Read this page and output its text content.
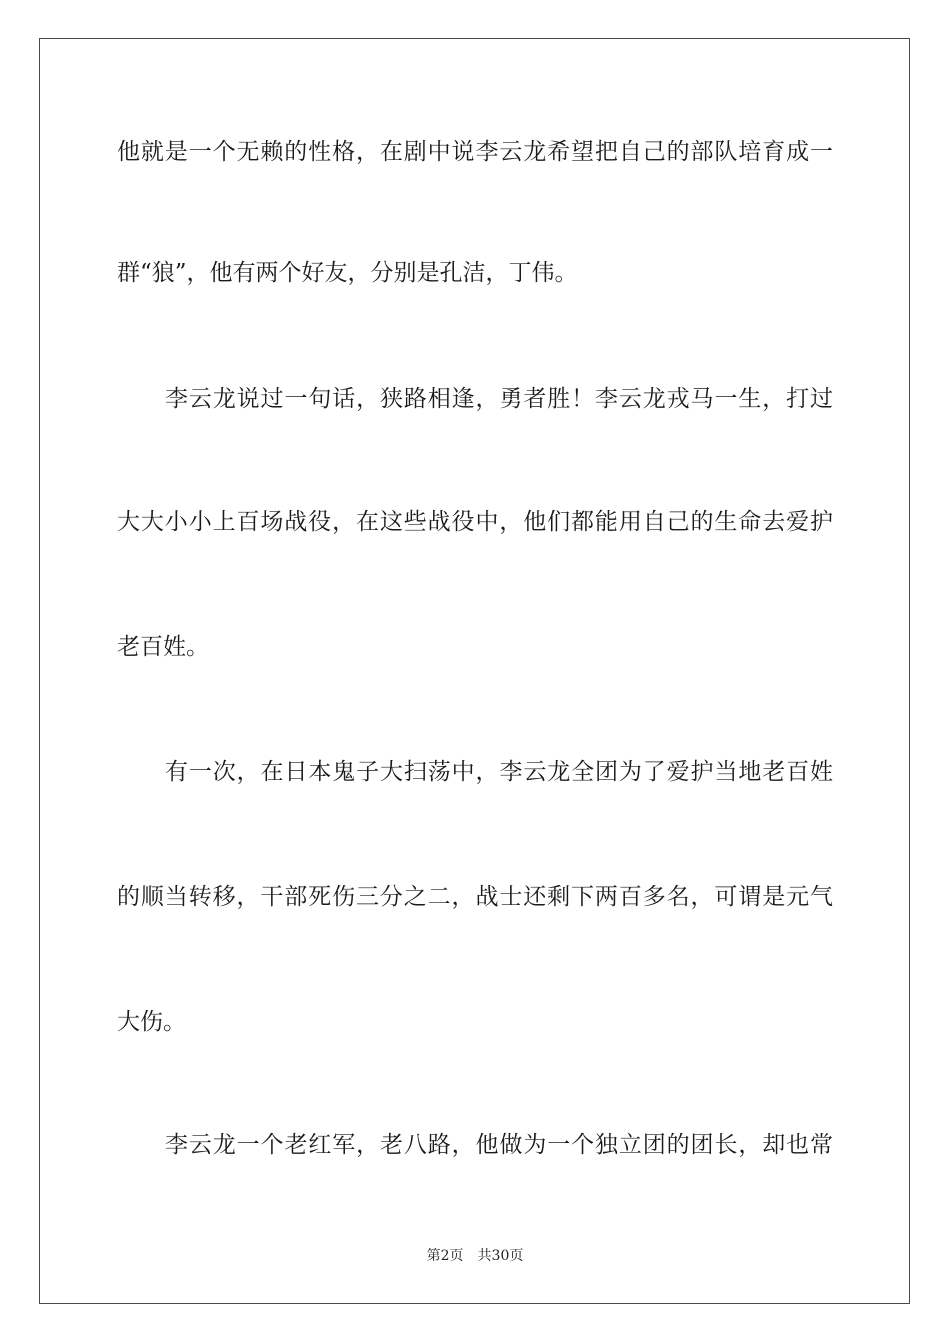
他就是一个无赖的性格，在剧中说李云龙希望把自己的部队培育成一
群“狼”，他有两个好友，分别是孔洁，丁伟。
李云龙说过一句话，狭路相逢，勇者胜！李云龙戎马一生，打过
大大小小上百场战役，在这些战役中，他们都能用自己的生命去爱护
老百姓。
有一次，在日本鬼子大扫荡中，李云龙全团为了爱护当地老百姓
的顺当转移，干部死伤三分之二，战士还剩下两百多名，可谓是元气
大伤。
李云龙一个老红军，老八路，他做为一个独立团的团长，却也常
第2页 共30页
